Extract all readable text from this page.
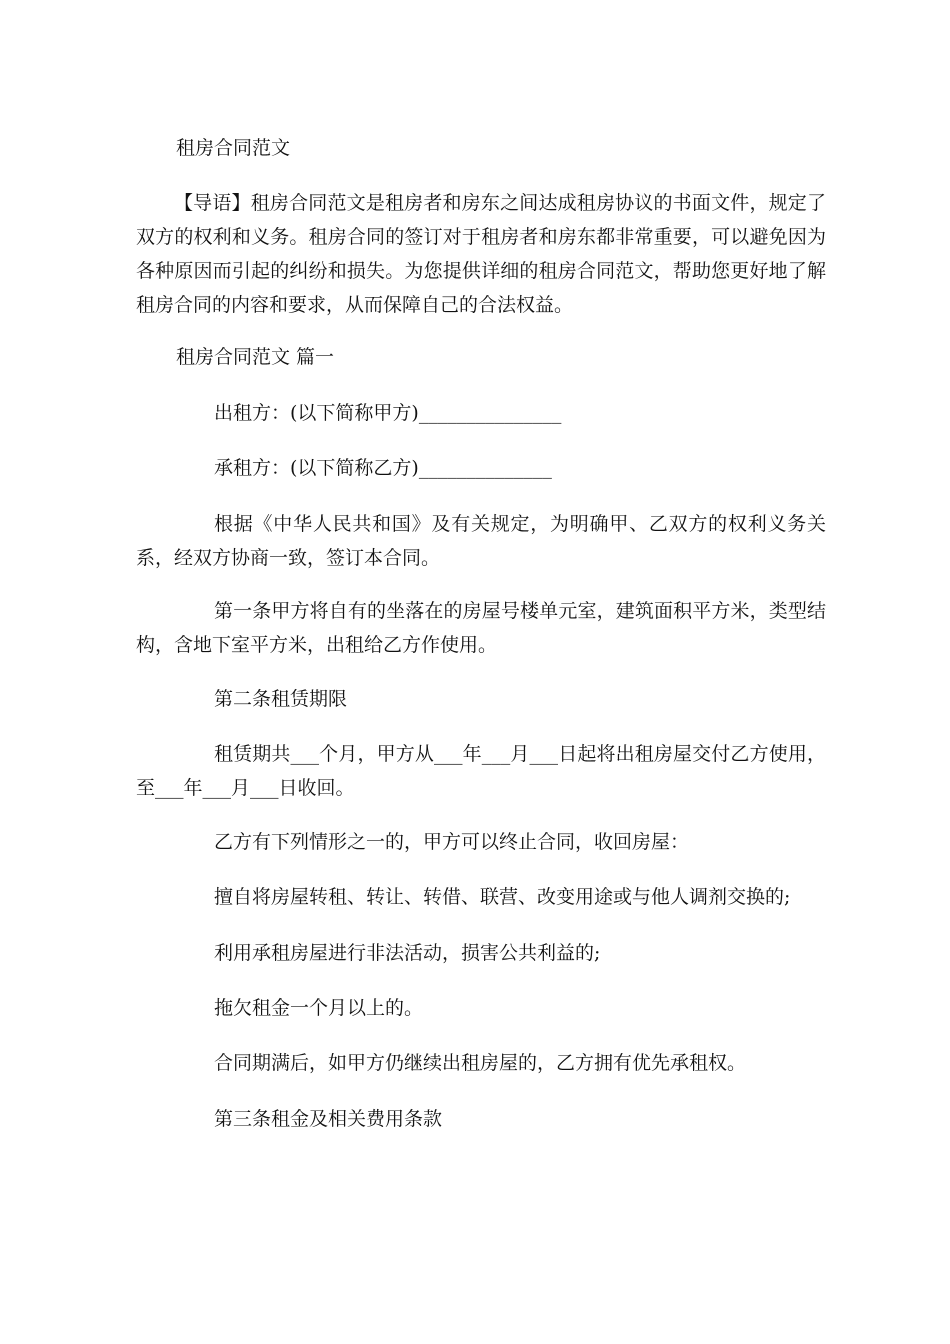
租房合同范文

【导语】租房合同范文是租房者和房东之间达成租房协议的书面文件，规定了双方的权利和义务。租房合同的签订对于租房者和房东都非常重要，可以避免因为各种原因而引起的纠纷和损失。为您提供详细的租房合同范文，帮助您更好地了解租房合同的内容和要求，从而保障自己的合法权益。

租房合同范文 篇一
出租方：(以下简称甲方)_______________
承租方：(以下简称乙方)______________

根据《中华人民共和国》及有关规定，为明确甲、乙双方的权利义务关系，经双方协商一致，签订本合同。

第一条甲方将自有的坐落在的房屋号楼单元室，建筑面积平方米，类型结构，含地下室平方米，出租给乙方作使用。

第二条租赁期限

租赁期共___个月，甲方从___年___月___日起将出租房屋交付乙方使用，至___年___月___日收回。

乙方有下列情形之一的，甲方可以终止合同，收回房屋：
擅自将房屋转租、转让、转借、联营、改变用途或与他人调剂交换的;
利用承租房屋进行非法活动，损害公共利益的;
拖欠租金一个月以上的。
合同期满后，如甲方仍继续出租房屋的，乙方拥有优先承租权。
第三条租金及相关费用条款
